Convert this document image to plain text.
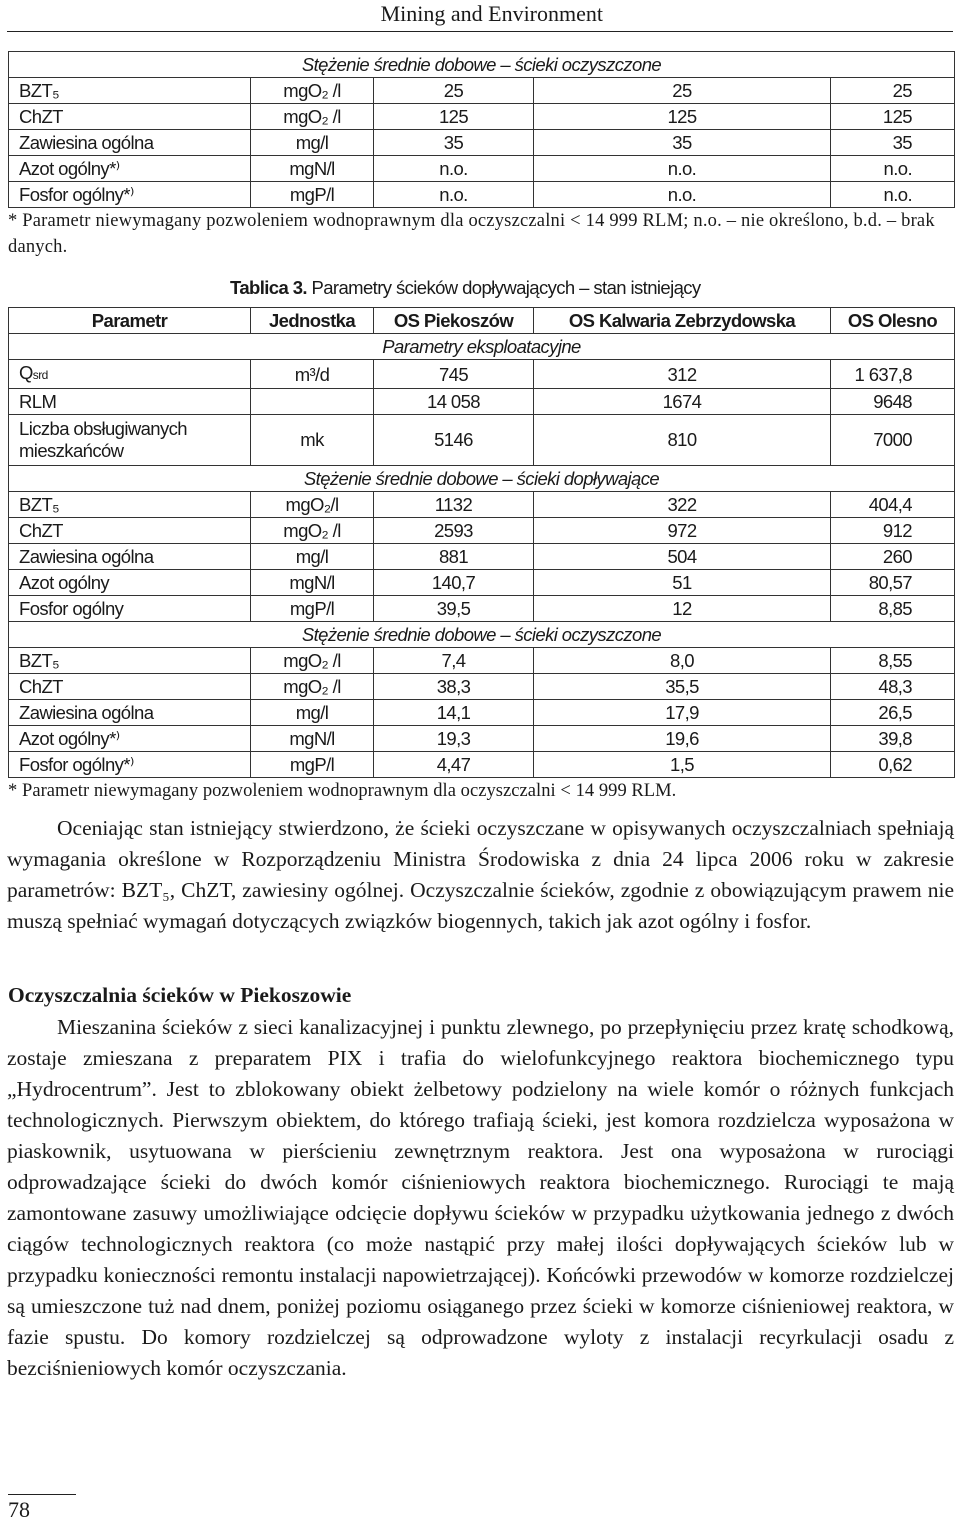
Mining and Environment
Stężenie średnie dobowe – ścieki oczyszczone				
BZT₅	mgO₂ /l	25	25	25
ChZT	mgO₂ /l	125	125	125
Zawiesina ogólna	mg/l	35	35	35
Azot ogólny*⁾	mgN/l	n.o.	n.o.	n.o.
Fosfor ogólny*⁾	mgP/l	n.o.	n.o.	n.o.
* Parametr niewymagany pozwoleniem wodnoprawnym dla oczyszczalni < 14 999 RLM; n.o. – nie określono, b.d. – brak danych.
Tablica 3. Parametry ścieków dopływających – stan istniejący
Parametr	Jednostka	OS Piekoszów	OS Kalwaria Zebrzydowska	OS Olesno
Parametry eksploatacyjne				
Qsrd	m³/d	745	312	1 637,8
RLM		14 058	1674	9648
Liczba obsługiwanych mieszkańców	mk	5146	810	7000
Stężenie średnie dobowe – ścieki dopływające				
BZT₅	mgO₂/l	1132	322	404,4
ChZT	mgO₂ /l	2593	972	912
Zawiesina ogólna	mg/l	881	504	260
Azot ogólny	mgN/l	140,7	51	80,57
Fosfor ogólny	mgP/l	39,5	12	8,85
Stężenie średnie dobowe – ścieki oczyszczone				
BZT₅	mgO₂ /l	7,4	8,0	8,55
ChZT	mgO₂ /l	38,3	35,5	48,3
Zawiesina ogólna	mg/l	14,1	17,9	26,5
Azot ogólny*⁾	mgN/l	19,3	19,6	39,8
Fosfor ogólny*⁾	mgP/l	4,47	1,5	0,62
* Parametr niewymagany pozwoleniem wodnoprawnym dla oczyszczalni < 14 999 RLM.

Oceniając stan istniejący stwierdzono, że ścieki oczyszczane w opisywanych oczyszczalniach spełniają wymagania określone w Rozporządzeniu Ministra Środowiska z dnia 24 lipca 2006 roku w zakresie parametrów: BZT₅, ChZT, zawiesiny ogólnej. Oczyszczalnie ścieków, zgodnie z obowiązującym prawem nie muszą spełniać wymagań dotyczących związków biogennych, takich jak azot ogólny i fosfor.

Oczyszczalnia ścieków w Piekoszowie

Mieszanina ścieków z sieci kanalizacyjnej i punktu zlewnego, po przepłynięciu przez kratę schodkową, zostaje zmieszana z preparatem PIX i trafia do wielofunkcyjnego reaktora biochemicznego typu „Hydrocentrum”. Jest to zblokowany obiekt żelbetowy podzielony na wiele komór o różnych funkcjach technologicznych. Pierwszym obiektem, do którego trafiają ścieki, jest komora rozdzielcza wyposażona w piaskownik, usytuowana w pierścieniu zewnętrznym reaktora. Jest ona wyposażona w rurociągi odprowadzające ścieki do dwóch komór ciśnieniowych reaktora biochemicznego. Rurociągi te mają zamontowane zasuwy umożliwiające odcięcie dopływu ścieków w przypadku użytkowania jednego z dwóch ciągów technologicznych reaktora (co może nastąpić przy małej ilości dopływających ścieków lub w przypadku konieczności remontu instalacji napowietrzającej). Końcówki przewodów w komorze rozdzielczej są umieszczone tuż nad dnem, poniżej poziomu osiąganego przez ścieki w komorze ciśnieniowej reaktora, w fazie spustu. Do komory rozdzielczej są odprowadzone wyloty z instalacji recyrkulacji osadu z bezciśnieniowych komór oczyszczania.

78
